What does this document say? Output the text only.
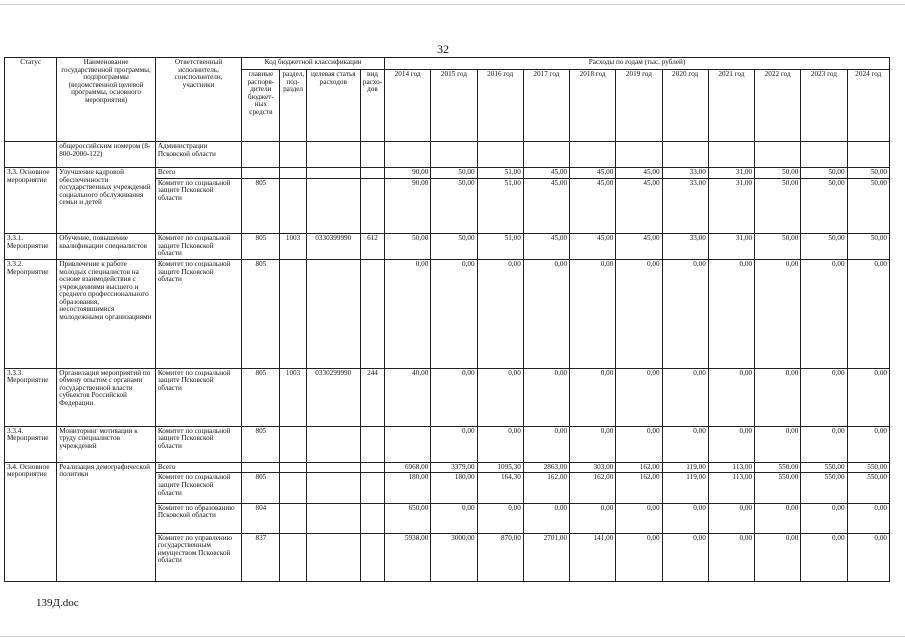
32
Статус	Наименование государственной программы, подпрограммы (ведомственной целевой программы, основного мероприятия)	Ответственный исполнитель, соисполнители, участники	Код бюджетной классификации				Расходы по годам (тыс. рублей)										
			главные распоря-дители бюджет-ных средств	раздел, под-раздел	целевая статья расходов	вид расхо-дов	2014 год	2015 год	2016 год	2017 год	2018 год	2019 год	2020 год	2021 год	2022 год	2023 год	2024 год
	общероссийским номером (8-800-2000-122)	Администрации Псковской области															
3.3. Основное мероприятие	Улучшение кадровой обеспеченности государственных учреждений социального обслуживания семьи и детей	Всего					90,00	50,00	51,00	45,00	45,00	45,00	33,00	31,00	50,00	50,00	50,00
		Комитет по социальной защите Псковской области	805				90,00	50,00	51,00	45,00	45,00	45,00	33,00	31,00	50,00	50,00	50,00
3.3.1. Мероприятие	Обучение, повышение квалификации специалистов	Комитет по социальной защите Псковской области	805	1003	0330399990	612	50,00	50,00	51,00	45,00	45,00	45,00	33,00	31,00	50,00	50,00	50,00
3.3.2. Мероприятие	Привлечение к работе молодых специалистов на основе взаимодействия с учреждениями высшего и среднего профессионального образования, несостоявшимися молодежными организациями	Комитет по социальной защите Псковской области	805				0,00	0,00	0,00	0,00	0,00	0,00	0,00	0,00	0,00	0,00	0,00
3.3.3. Мероприятие	Организация мероприятий по обмену опытом с органами государственной власти субъектов Российской Федерации	Комитет по социальной защите Псковской области	805	1003	0330299990	244	40,00	0,00	0,00	0,00	0,00	0,00	0,00	0,00	0,00	0,00	0,00
3.3.4. Мероприятие	Мониторинг мотивации к труду специалистов учреждений	Комитет по социальной защите Псковской области	805					0,00	0,00	0,00	0,00	0,00	0,00	0,00	0,00	0,00	0,00
3.4. Основное мероприятие	Реализация демографической политики	Всего					6968,00	3379,00	1095,30	2863,00	303,00	162,00	119,00	113,00	550,00	550,00	550,00
		Комитет по социальной защите Псковской области	805				180,00	180,00	164,30	162,00	162,00	162,00	119,00	113,00	550,00	550,00	550,00
		Комитет по образованию Псковской области	804				650,00	0,00	0,00	0,00	0,00	0,00	0,00	0,00	0,00	0,00	0,00
		Комитет по управлению государственным имуществом Псковской области	837				5938,00	3000,00	870,00	2701,00	141,00	0,00	0,00	0,00	0,00	0,00	0,00
139Д.doc
